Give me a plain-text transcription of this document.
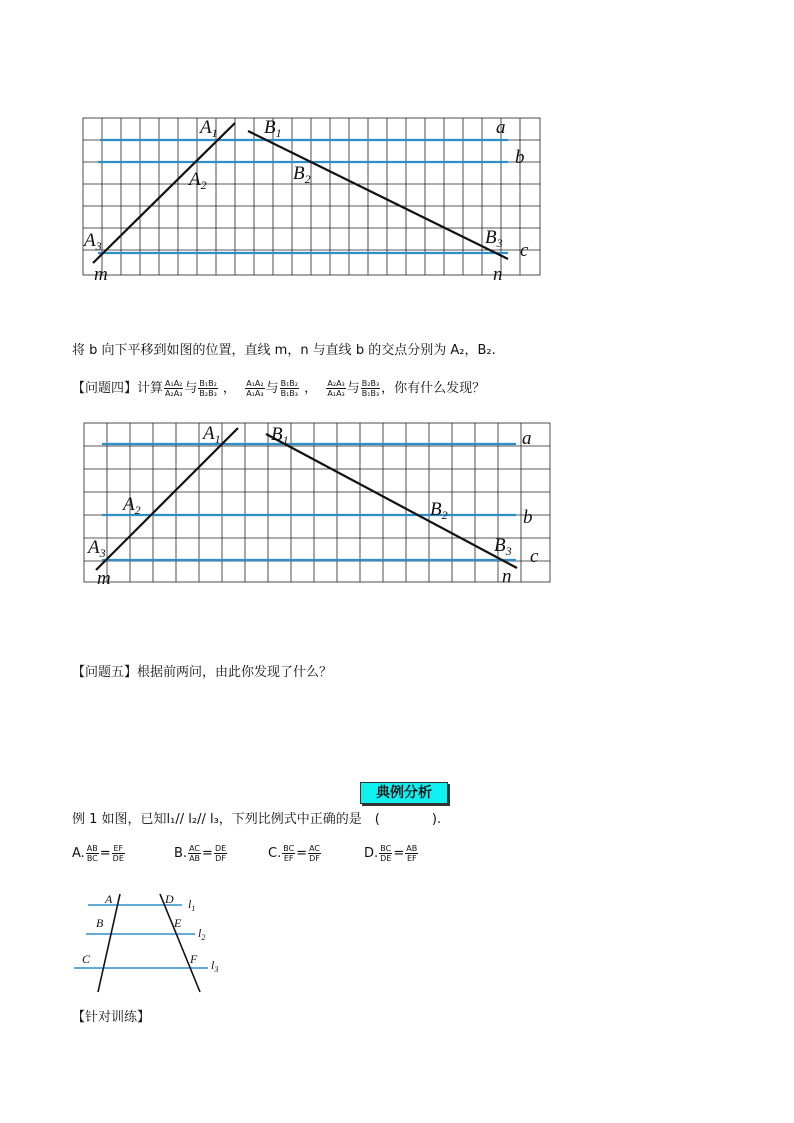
$A_1$ $B_1$	a
b
$A_2$
$B_2$
$A_3$	$B_3$ c
m	n
将 b 向下平移到如图的位置，直线 m，n 与直线 b 的交点分别为 A₂，B₂.
【问题四】计算 $\frac{\text{A₁A₂}}{\text{A₂A₃}}$ 与 $\frac{\text{B₁B₂}}{\text{B₂B₃}}$ ， $\frac{\text{A₁A₂}}{\text{A₁A₃}}$ 与 $\frac{\text{B₁B₂}}{\text{B₁B₃}}$ ， $\frac{\text{A₂A₃}}{\text{A₁A₃}}$ 与 $\frac{\text{B₂B₃}}{\text{B₁B₃}}$ ，你有什么发现？
$A_1$	$B_1$	a
$A_2$	$B_2$	b
$A_3$	$B_3$ c
m	n
【问题五】根据前两问，由此你发现了什么？
典例分析
例 1 如图，已知l₁// l₂// l₃，下列比例式中正确的是　(　　　　).
A. $\frac{AB}{BC} = \frac{EF}{DE}$	B. $\frac{AC}{AB} = \frac{DE}{DF}$	C. $\frac{BC}{EF} = \frac{AC}{DF}$	D. $\frac{BC}{DE} = \frac{AB}{EF}$
A	D $l_1$
B	E
$l_2$
C	F $l_3$
【针对训练】
